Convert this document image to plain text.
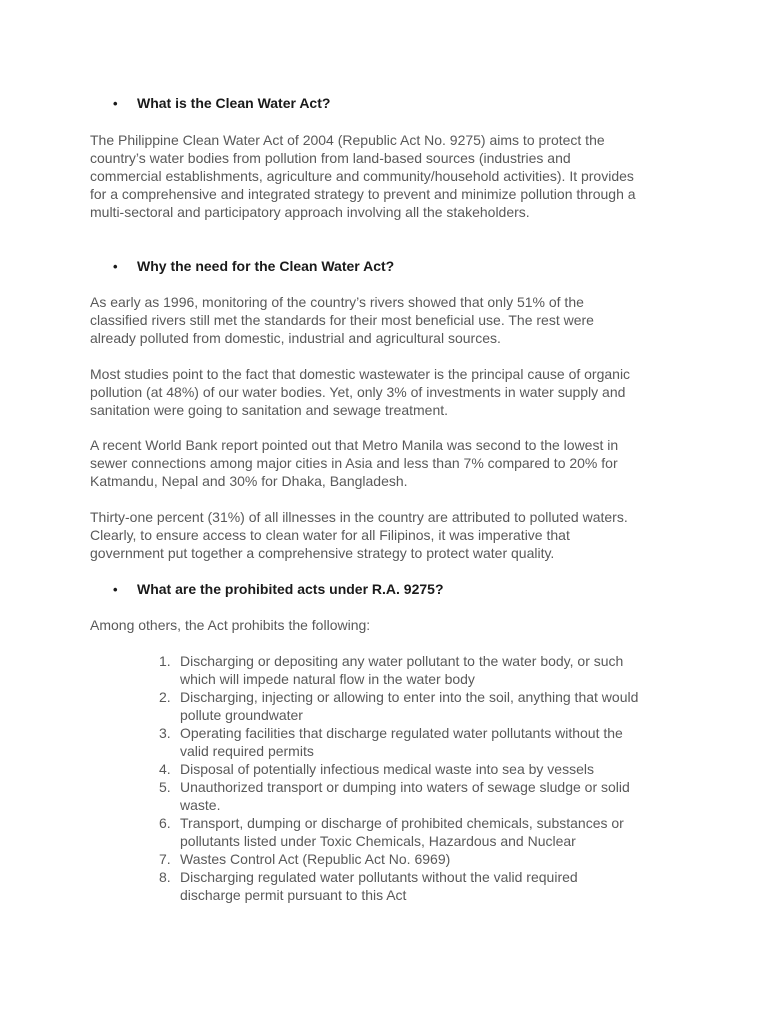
• What is the Clean Water Act?
The Philippine Clean Water Act of 2004 (Republic Act No. 9275) aims to protect the
country’s water bodies from pollution from land-based sources (industries and
commercial establishments, agriculture and community/household activities). It provides
for a comprehensive and integrated strategy to prevent and minimize pollution through a
multi-sectoral and participatory approach involving all the stakeholders.
• Why the need for the Clean Water Act?
As early as 1996, monitoring of the country’s rivers showed that only 51% of the
classified rivers still met the standards for their most beneficial use. The rest were
already polluted from domestic, industrial and agricultural sources.
Most studies point to the fact that domestic wastewater is the principal cause of organic
pollution (at 48%) of our water bodies. Yet, only 3% of investments in water supply and
sanitation were going to sanitation and sewage treatment.
A recent World Bank report pointed out that Metro Manila was second to the lowest in
sewer connections among major cities in Asia and less than 7% compared to 20% for
Katmandu, Nepal and 30% for Dhaka, Bangladesh.
Thirty-one percent (31%) of all illnesses in the country are attributed to polluted waters.
Clearly, to ensure access to clean water for all Filipinos, it was imperative that
government put together a comprehensive strategy to protect water quality.
• What are the prohibited acts under R.A. 9275?
Among others, the Act prohibits the following:
1. Discharging or depositing any water pollutant to the water body, or such
which will impede natural flow in the water body
2. Discharging, injecting or allowing to enter into the soil, anything that would
pollute groundwater
3. Operating facilities that discharge regulated water pollutants without the
valid required permits
4. Disposal of potentially infectious medical waste into sea by vessels
5. Unauthorized transport or dumping into waters of sewage sludge or solid
waste.
6. Transport, dumping or discharge of prohibited chemicals, substances or
pollutants listed under Toxic Chemicals, Hazardous and Nuclear
7. Wastes Control Act (Republic Act No. 6969)
8. Discharging regulated water pollutants without the valid required
discharge permit pursuant to this Act
